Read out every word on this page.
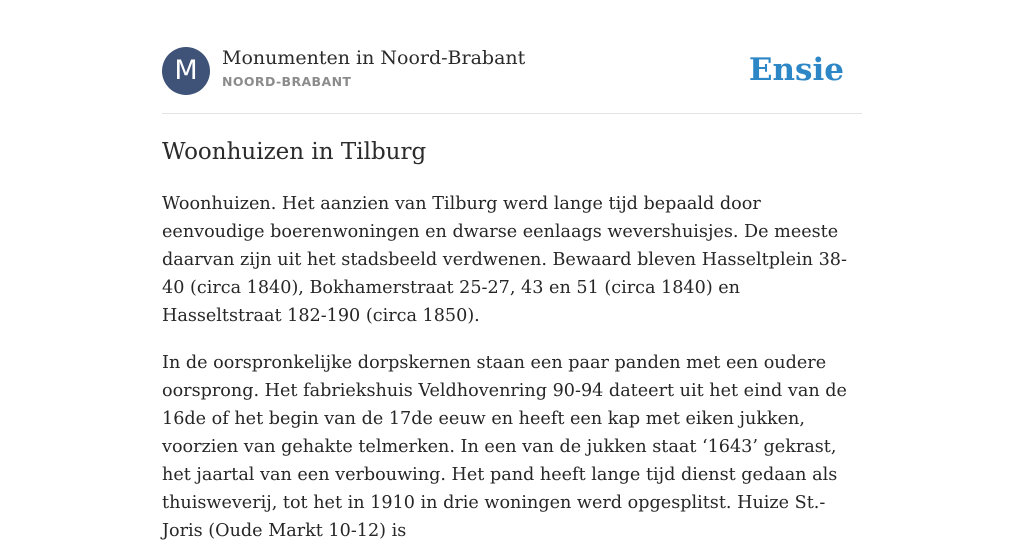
M	Monumenten in Noord-Brabant
NOORD-BRABANT	Ensie
Woonhuizen in Tilburg

Woonhuizen. Het aanzien van Tilburg werd lange tijd bepaald door eenvoudige boerenwoningen en dwarse eenlaags wevershuisjes. De meeste daarvan zijn uit het stadsbeeld verdwenen. Bewaard bleven Hasseltplein 38-40 (circa 1840), Bokhamerstraat 25-27, 43 en 51 (circa 1840) en Hasseltstraat 182-190 (circa 1850).

In de oorspronkelijke dorpskernen staan een paar panden met een oudere oorsprong. Het fabriekshuis Veldhovenring 90-94 dateert uit het eind van de 16de of het begin van de 17de eeuw en heeft een kap met eiken jukken, voorzien van gehakte telmerken. In een van de jukken staat ‘1643’ gekrast, het jaartal van een verbouwing. Het pand heeft lange tijd dienst gedaan als thuisweverij, tot het in 1910 in drie woningen werd opgesplitst. Huize St.-Joris (Oude Markt 10-12) is
